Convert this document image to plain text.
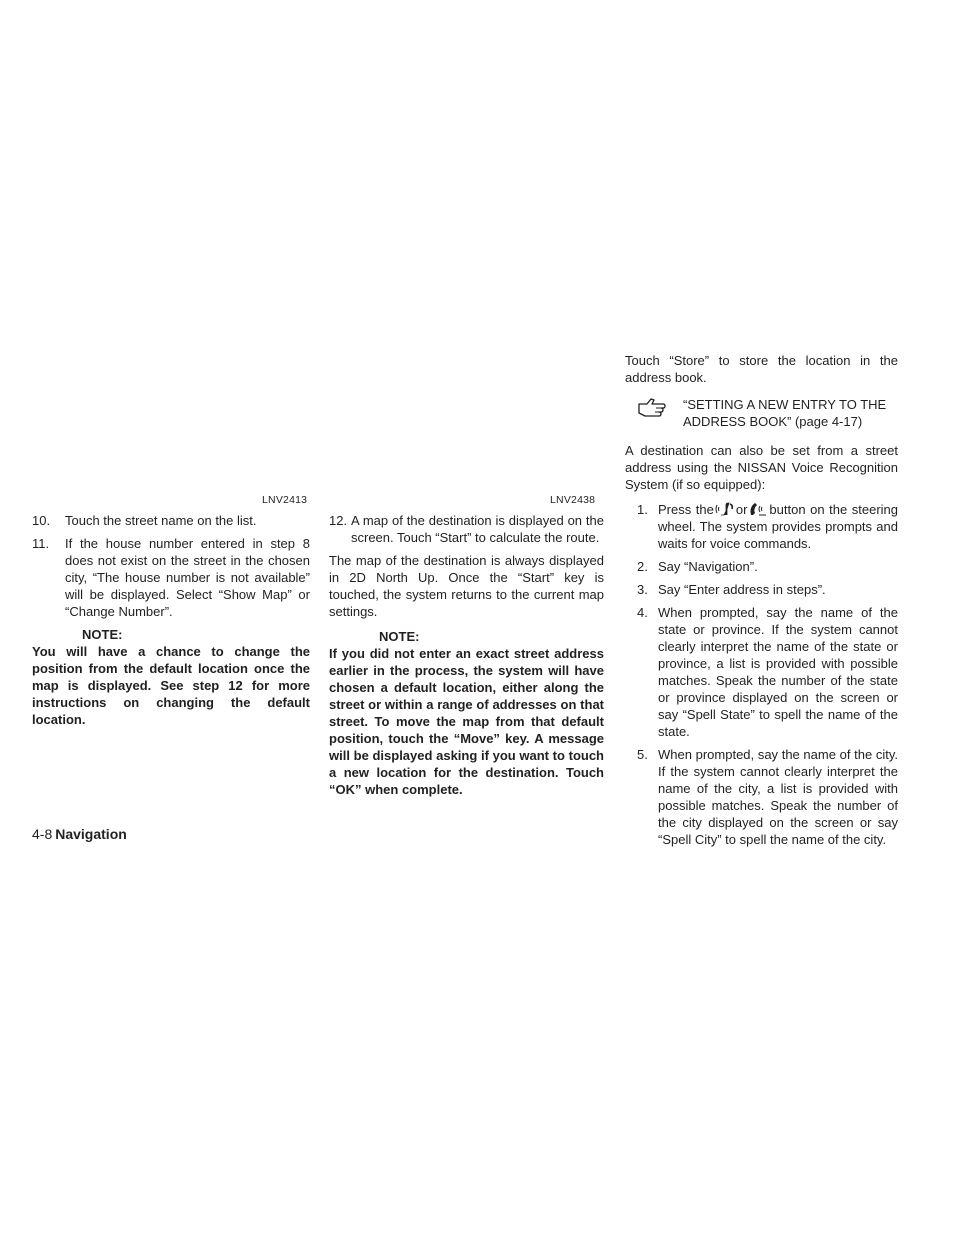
LNV2413	LNV2438
10. Touch the street name on the list.
11. If the house number entered in step 8 does not exist on the street in the chosen city, “The house number is not available” will be displayed. Select “Show Map” or “Change Number”.

NOTE:

You will have a chance to change the position from the default location once the map is displayed. See step 12 for more instructions on changing the default location.

12. A map of the destination is displayed on the screen. Touch “Start” to calculate the route.

The map of the destination is always displayed in 2D North Up. Once the “Start” key is touched, the system returns to the current map settings.

NOTE:

If you did not enter an exact street address earlier in the process, the system will have chosen a default location, either along the street or within a range of addresses on that street. To move the map from that default position, touch the “Move” key. A message will be displayed asking if you want to touch a new location for the destination. Touch “OK” when complete.

Touch “Store” to store the location in the address book.

“SETTING A NEW ENTRY TO THE ADDRESS BOOK” (page 4-17)

A destination can also be set from a street address using the NISSAN Voice Recognition System (if so equipped):

1. Press the or button on the steering wheel. The system provides prompts and waits for voice commands.
2. Say “Navigation”.
3. Say “Enter address in steps”.
4. When prompted, say the name of the state or province. If the system cannot clearly interpret the name of the state or province, a list is provided with possible matches. Speak the number of the state or province displayed on the screen or say “Spell State” to spell the name of the state.
5. When prompted, say the name of the city. If the system cannot clearly interpret the name of the city, a list is provided with possible matches. Speak the number of the city displayed on the screen or say “Spell City” to spell the name of the city.
4-8 Navigation
